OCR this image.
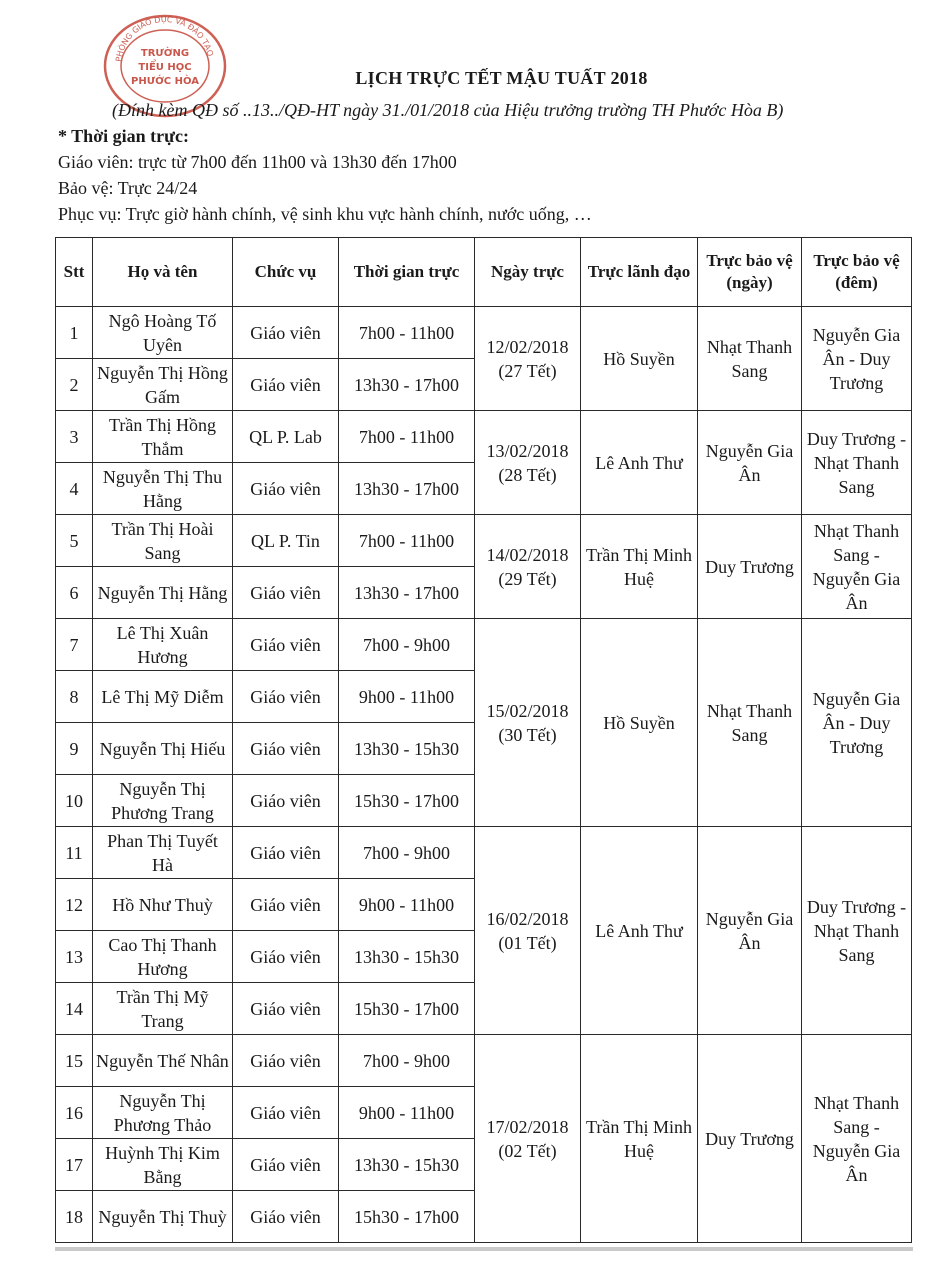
PHÒNG GIÁO DỤC VÀ ĐÀO TẠO
TRƯỜNG
TIỂU HỌC
PHƯỚC HÒA	LỊCH TRỰC TẾT MẬU TUẤT 2018
(Đính kèm QĐ số ..13../QĐ-HT ngày 31./01/2018 của Hiệu trưởng trường TH Phước Hòa B)
* Thời gian trực:
Giáo viên: trực từ 7h00 đến 11h00 và 13h30 đến 17h00
Bảo vệ: Trực 24/24
Phục vụ: Trực giờ hành chính, vệ sinh khu vực hành chính, nước uống, …
Stt	Họ và tên	Chức vụ	Thời gian trực	Ngày trực	Trực lãnh đạo	Trực bảo vệ (ngày)	Trực bảo vệ (đêm)
1	Ngô Hoàng Tố Uyên	Giáo viên	7h00 - 11h00	12/02/2018 (27 Tết)	Hồ Suyền	Nhạt Thanh Sang	Nguyễn Gia Ân - Duy Trương
2	Nguyễn Thị Hồng Gấm	Giáo viên	13h30 - 17h00				
3	Trần Thị Hồng Thắm	QL P. Lab	7h00 - 11h00	13/02/2018 (28 Tết)	Lê Anh Thư	Nguyễn Gia Ân	Duy Trương - Nhạt Thanh Sang
4	Nguyễn Thị Thu Hằng	Giáo viên	13h30 - 17h00				
5	Trần Thị Hoài Sang	QL P. Tin	7h00 - 11h00	14/02/2018 (29 Tết)	Trần Thị Minh Huệ	Duy Trương	Nhạt Thanh Sang - Nguyễn Gia Ân
6	Nguyễn Thị Hằng	Giáo viên	13h30 - 17h00				
7	Lê Thị Xuân Hương	Giáo viên	7h00 - 9h00	15/02/2018 (30 Tết)	Hồ Suyền	Nhạt Thanh Sang	Nguyễn Gia Ân - Duy Trương
8	Lê Thị Mỹ Diễm	Giáo viên	9h00 - 11h00				
9	Nguyễn Thị Hiếu	Giáo viên	13h30 - 15h30				
10	Nguyễn Thị Phương Trang	Giáo viên	15h30 - 17h00				
11	Phan Thị Tuyết Hà	Giáo viên	7h00 - 9h00	16/02/2018 (01 Tết)	Lê Anh Thư	Nguyễn Gia Ân	Duy Trương - Nhạt Thanh Sang
12	Hồ Như Thuỳ	Giáo viên	9h00 - 11h00				
13	Cao Thị Thanh Hương	Giáo viên	13h30 - 15h30				
14	Trần Thị Mỹ Trang	Giáo viên	15h30 - 17h00				
15	Nguyễn Thế Nhân	Giáo viên	7h00 - 9h00	17/02/2018 (02 Tết)	Trần Thị Minh Huệ	Duy Trương	Nhạt Thanh Sang - Nguyễn Gia Ân
16	Nguyễn Thị Phương Thảo	Giáo viên	9h00 - 11h00				
17	Huỳnh Thị Kim Bằng	Giáo viên	13h30 - 15h30				
18	Nguyễn Thị Thuỳ	Giáo viên	15h30 - 17h00				
